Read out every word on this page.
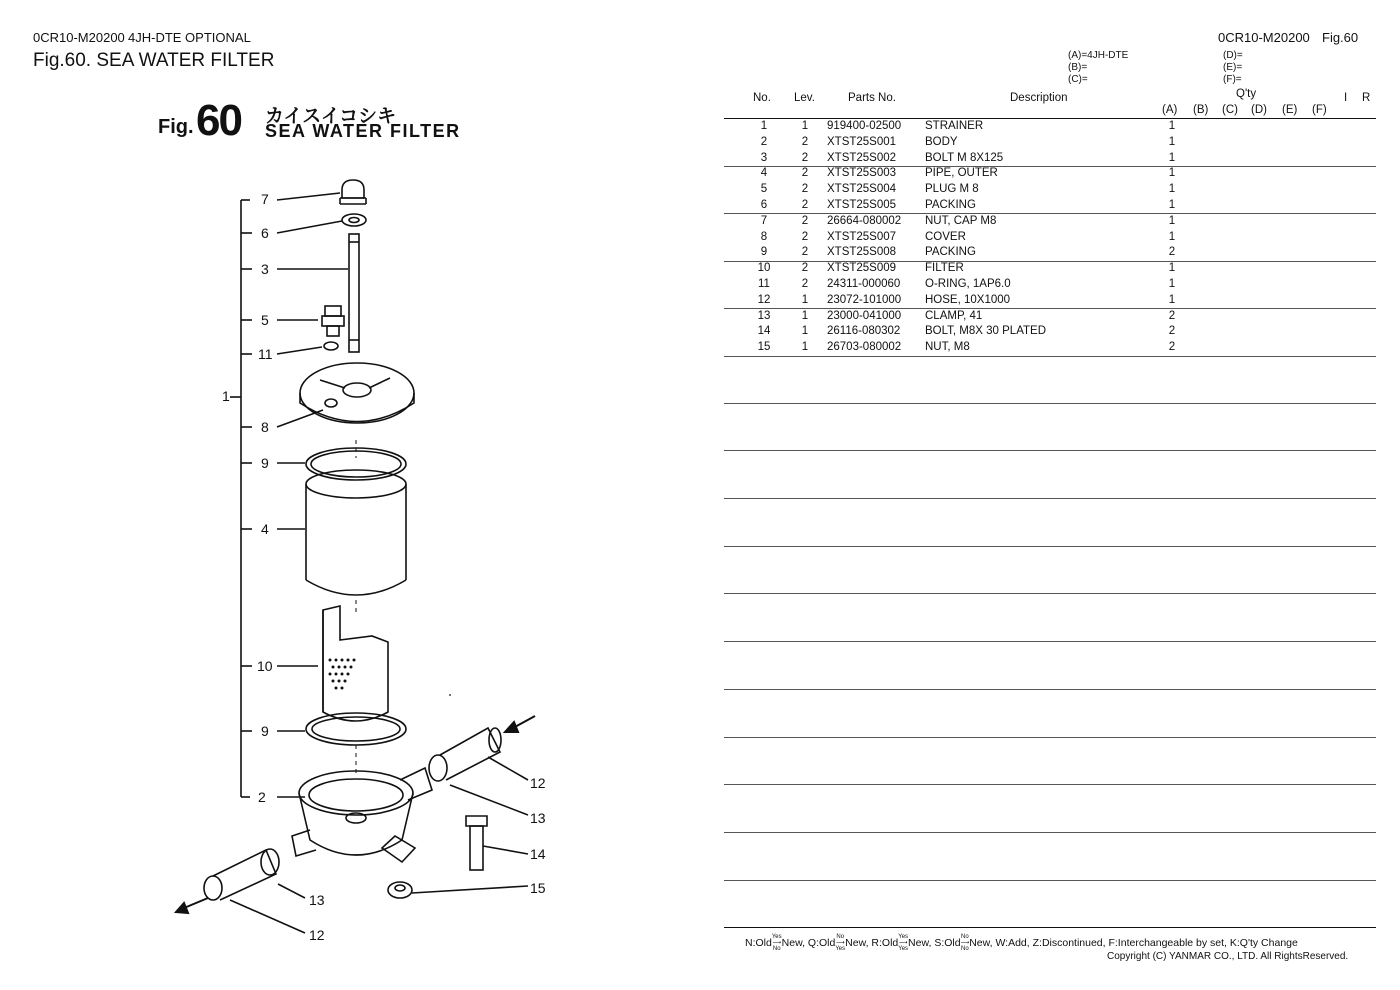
0CR10-M20200 4JH-DTE OPTIONAL
Fig.60. SEA WATER FILTER
0CR10-M20200 Fig.60
Fig. 60 カイスイコシキ
SEA WATER FILTER
7
6
3
5
11
1
8
9
4
10
9
2
12
13
14
15
13
12
(A)=4JH-DTE
(B)=
(C)=
(D)=
(E)=
(F)=
No. Lev.	Parts No.	Description	Q'ty	I R
(A) (B) (C) (D) (E) (F)
1	1	919400-02500 STRAINER	1
2	2	XTST25S001	BODY	1
3	2	XTST25S002	BOLT M 8X125	1
4	2	XTST25S003	PIPE, OUTER	1
5	2	XTST25S004	PLUG M 8	1
6	2	XTST25S005	PACKING	1
7	2	26664-080002 NUT, CAP M8	1
8	2	XTST25S007	COVER	1
9	2	XTST25S008	PACKING	2
10	2	XTST25S009	FILTER	1
11	2	24311-000060 O-RING, 1AP6.0	1
12	1	23072-101000 HOSE, 10X1000	1
13	1	23000-041000 CLAMP, 41	2
14	1	26116-080302 BOLT, M8X 30 PLATED	2
15	1	26703-080002 NUT, M8	2
N:OldYes
⟶
NoNew, Q:OldNo
⟶
YesNew, R:OldYes
⟶
YesNew, S:OldNo
⟶
NoNew, W:Add, Z:Discontinued, F:Interchangeable by set, K:Q'ty Change
Copyright (C) YANMAR CO., LTD. All RightsReserved.
